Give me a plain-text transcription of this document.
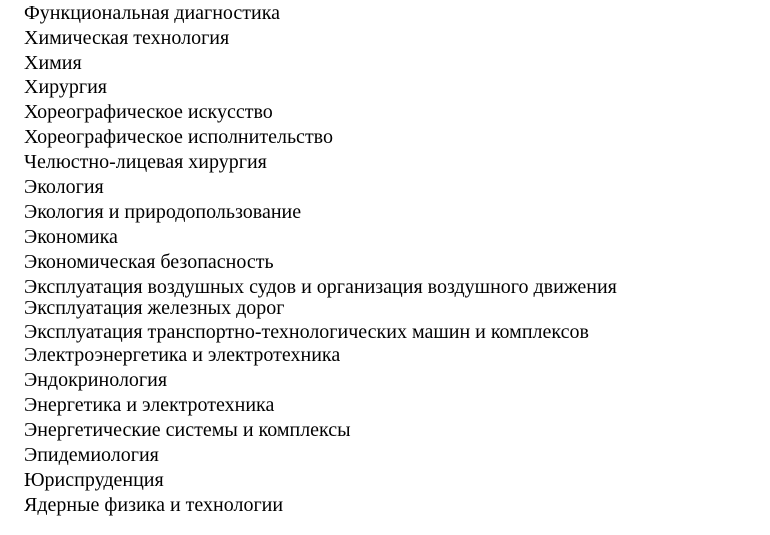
Функциональная диагностика
Химическая технология
Химия
Хирургия
Хореографическое искусство
Хореографическое исполнительство
Челюстно-лицевая хирургия
Экология
Экология и природопользование
Экономика
Экономическая безопасность
Эксплуатация воздушных судов и организация воздушного движения
Эксплуатация железных дорог
Эксплуатация транспортно-технологических машин и комплексов
Электроэнергетика и электротехника
Эндокринология
Энергетика и электротехника
Энергетические системы и комплексы
Эпидемиология
Юриспруденция
Ядерные физика и технологии
